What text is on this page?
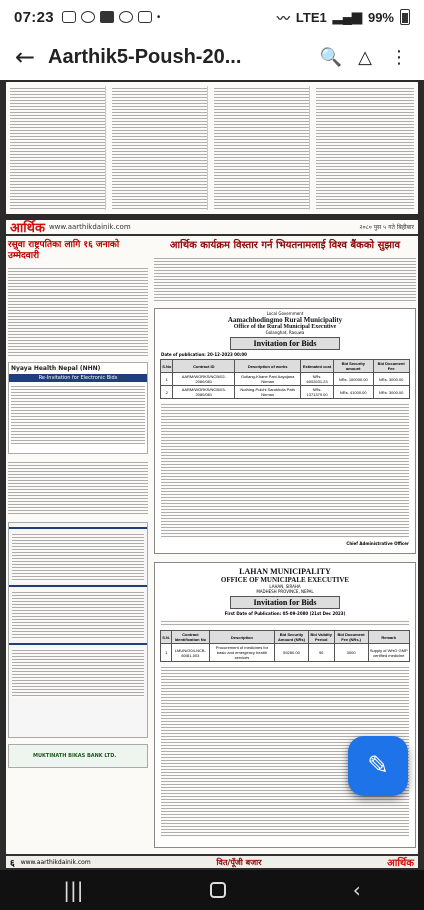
07:23	•	〰 LTE1 ▂▄▆ 99%
← Aarthik5-Poush-20...	🔍 △	⋮
आर्थिक www.aarthikdainik.com	२०८० पुस ५ गते बिहीबार
रसुवा राष्ट्रपतिका लागि १६ जनाको उम्मेदवारी
Nyaya Health Nepal (NHN)
Re-Invitation for Electronic Bids
MUKTINATH BIKAS BANK LTD.
आर्थिक कार्यक्रम विस्तार गर्न भियतनामलाई विश्व बैंकको सुझाव
Local Government
Aamachhodingmo Rural Municipality
Office of the Rural Municipal Executive
Golanghat, Rasuwa
Invitation for Bids
Date of publication: 20-12-2023 00:00
S.No	Contract ID	Description of works	Estimated cost	Bid Security amount	Bid Document Fee
1	AARM/WORKS/NCB/02-2080/081	Gollang-Khane Pani Aayojana Nirman	NRs. 6002631.23	NRs. 100000.00	NRs. 3000.00
2	AARM/WORKS/NCB/03-2080/081	Nothing-Pulchi Sarukhola Path Nirman	NRs. 1371379.00	NRs. 41000.00	NRs. 3000.00
Chief Administrative Officer
LAHAN MUNICIPALITY
OFFICE OF MUNICIPALE EXECUTIVE
LAHAN, SIRAHA
MADHESH PROVINCE, NEPAL
Invitation for Bids
First Date of Publication: 05-09-2080 (21st Dec 2023)
S.N.	Contract Identification No	Description	Bid Security Amount (NRs)	Bid Validity Period	Bid Document Fee (NRs.)	Remark
1	LMUN/G04-NCB-80/81-003	Procurement of medicines for basic and emergency health services	59280.00	90	3000	Supply of WHO GMP certified medicine
६ www.aarthikdainik.com	वित/पूँजी बजार	आर्थिक
✎
|||	‹
